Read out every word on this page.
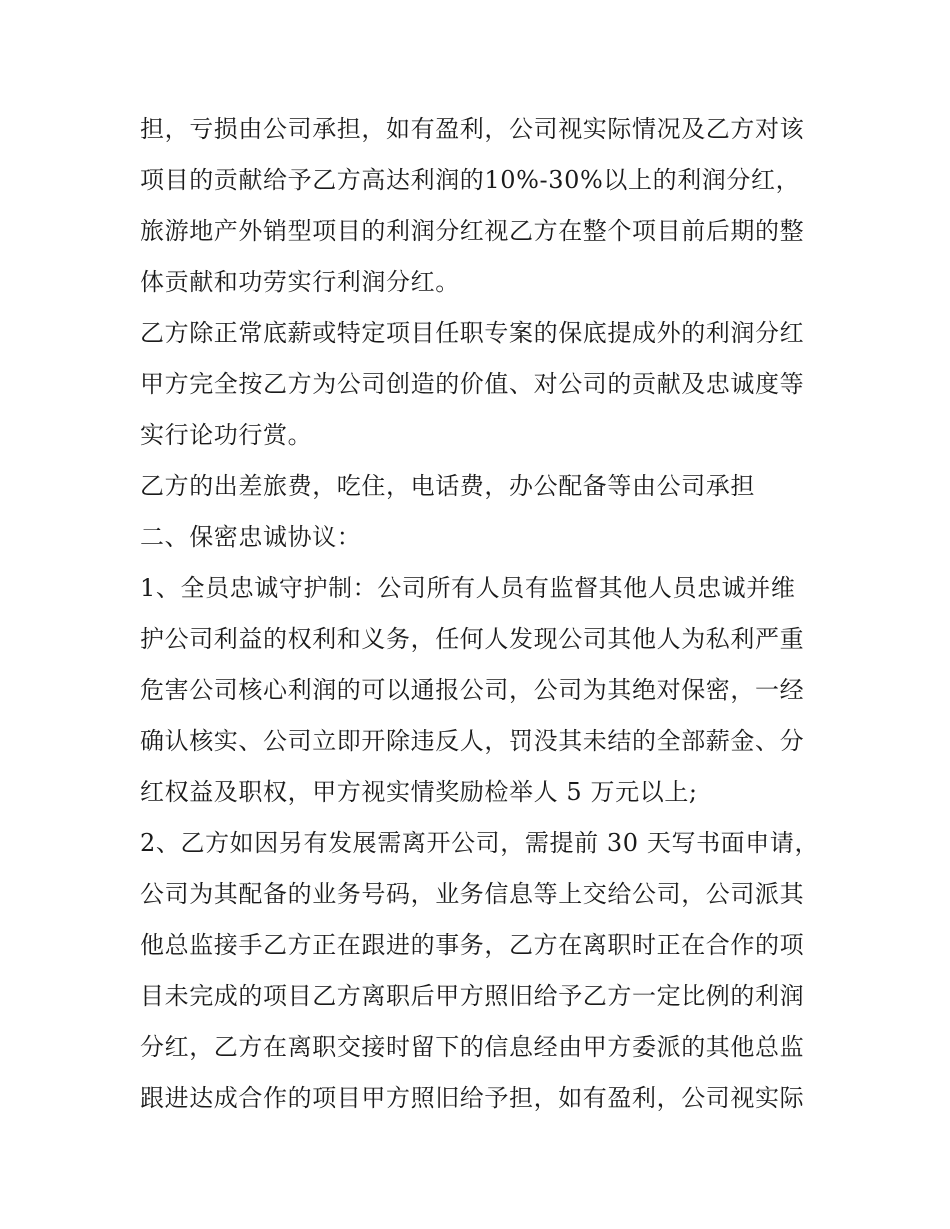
担，亏损由公司承担，如有盈利，公司视实际情况及乙方对该
项目的贡献给予乙方高达利润的10%-30%以上的利润分红，
旅游地产外销型项目的利润分红视乙方在整个项目前后期的整
体贡献和功劳实行利润分红。
乙方除正常底薪或特定项目任职专案的保底提成外的利润分红
甲方完全按乙方为公司创造的价值、对公司的贡献及忠诚度等
实行论功行赏。
乙方的出差旅费，吃住，电话费，办公配备等由公司承担
二、保密忠诚协议：
1、全员忠诚守护制：公司所有人员有监督其他人员忠诚并维
护公司利益的权利和义务，任何人发现公司其他人为私利严重
危害公司核心利润的可以通报公司，公司为其绝对保密，一经
确认核实、公司立即开除违反人，罚没其未结的全部薪金、分
红权益及职权，甲方视实情奖励检举人 5 万元以上;
2、乙方如因另有发展需离开公司，需提前 30 天写书面申请，
公司为其配备的业务号码，业务信息等上交给公司，公司派其
他总监接手乙方正在跟进的事务，乙方在离职时正在合作的项
目未完成的项目乙方离职后甲方照旧给予乙方一定比例的利润
分红，乙方在离职交接时留下的信息经由甲方委派的其他总监
跟进达成合作的项目甲方照旧给予担，如有盈利，公司视实际
